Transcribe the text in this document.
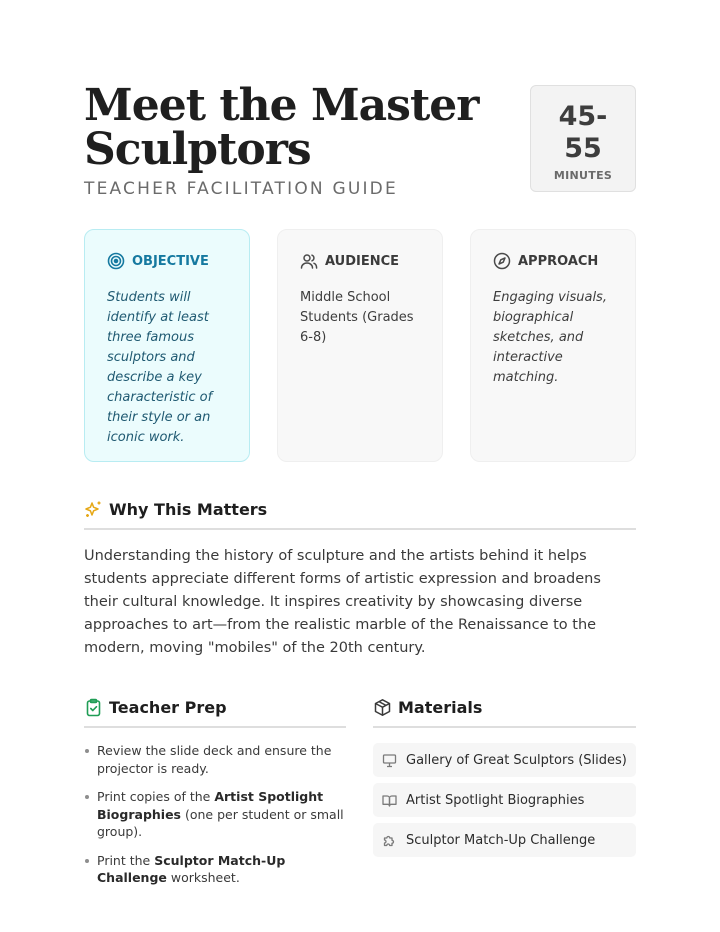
Meet the Master Sculptors
TEACHER FACILITATION GUIDE
45-55
MINUTES
OBJECTIVE
Students will identify at least three famous sculptors and describe a key characteristic of their style or an iconic work.
AUDIENCE
Middle School Students (Grades 6-8)
APPROACH
Engaging visuals, biographical sketches, and interactive matching.
Why This Matters

Understanding the history of sculpture and the artists behind it helps students appreciate different forms of artistic expression and broadens their cultural knowledge. It inspires creativity by showcasing diverse approaches to art—from the realistic marble of the Renaissance to the modern, moving "mobiles" of the 20th century.

Teacher Prep
Review the slide deck and ensure the projector is ready.
Print copies of the Artist Spotlight Biographies (one per student or small group).
Print the Sculptor Match-Up Challenge worksheet.
Materials
Gallery of Great Sculptors (Slides)
Artist Spotlight Biographies
Sculptor Match-Up Challenge
